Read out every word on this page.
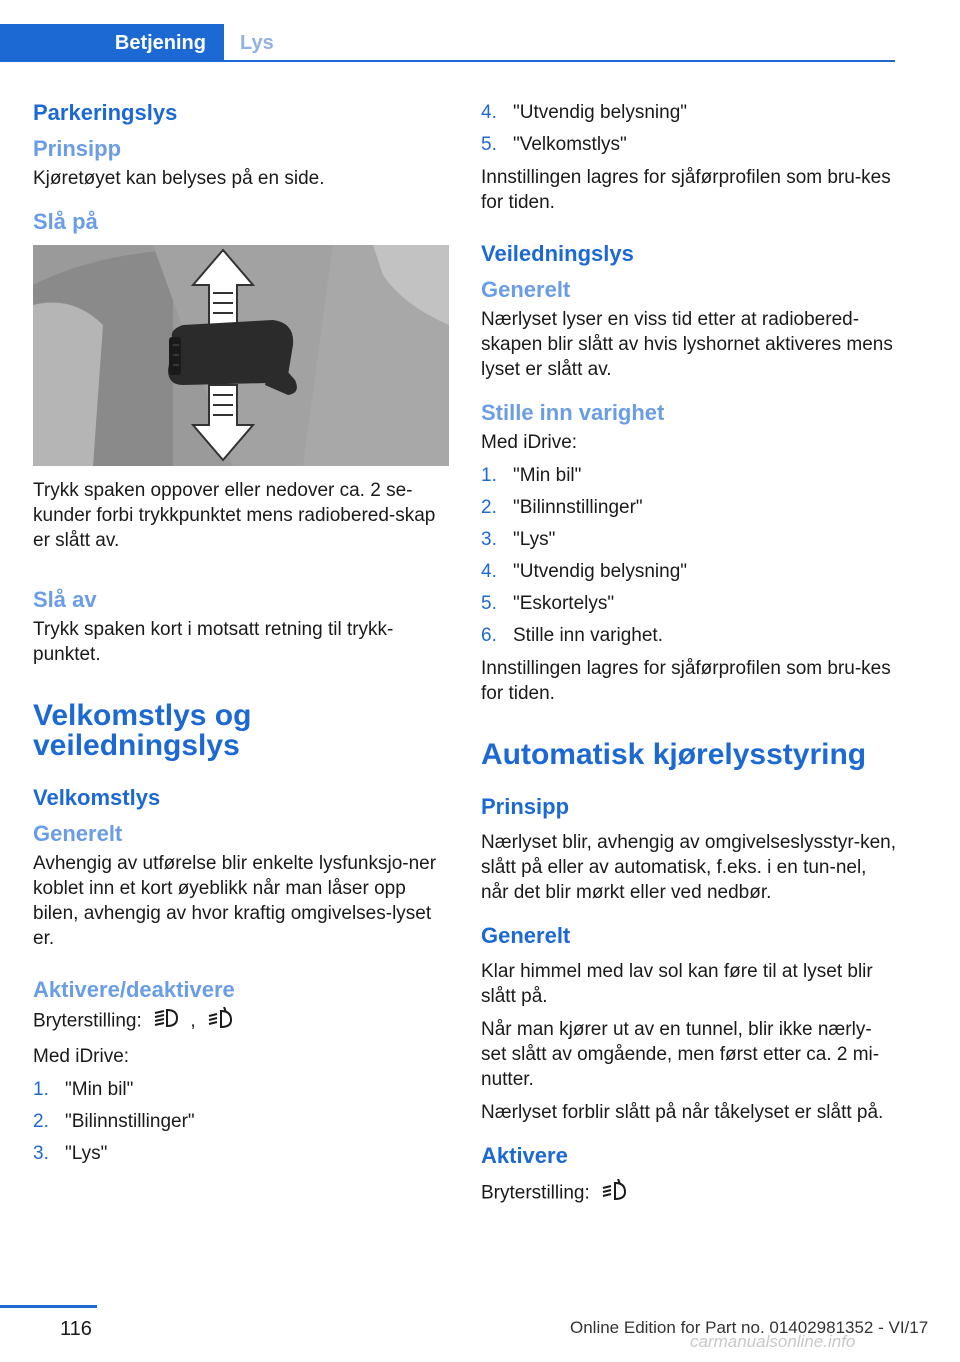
Betjening	Lys
Parkeringslys
Prinsipp

Kjøretøyet kan belyses på en side.

Slå på

Trykk spaken oppover eller nedover ca. 2 se-kunder forbi trykkpunktet mens radiobered-skap er slått av.

Slå av

Trykk spaken kort i motsatt retning til trykk-punktet.

Velkomstlys og veiledningslys
Velkomstlys
Generelt

Avhengig av utførelse blir enkelte lysfunksjo-ner koblet inn et kort øyeblikk når man låser opp bilen, avhengig av hvor kraftig omgivelses-lyset er.

Aktivere/deaktivere

Bryterstilling:	,

Med iDrive:

1. "Min bil"
2. "Bilinnstillinger"
3. "Lys"
4. "Utvendig belysning"
5. "Velkomstlys"

Innstillingen lagres for sjåførprofilen som bru-kes for tiden.

Veiledningslys
Generelt

Nærlyset lyser en viss tid etter at radiobered-skapen blir slått av hvis lyshornet aktiveres mens lyset er slått av.

Stille inn varighet

Med iDrive:

1. "Min bil"
2. "Bilinnstillinger"
3. "Lys"
4. "Utvendig belysning"
5. "Eskortelys"
6. Stille inn varighet.

Innstillingen lagres for sjåførprofilen som bru-kes for tiden.

Automatisk kjørelysstyring
Prinsipp

Nærlyset blir, avhengig av omgivelseslysstyr-ken, slått på eller av automatisk, f.eks. i en tun-nel, når det blir mørkt eller ved nedbør.

Generelt

Klar himmel med lav sol kan føre til at lyset blir slått på.

Når man kjører ut av en tunnel, blir ikke nærly-set slått av omgående, men først etter ca. 2 mi-nutter.

Nærlyset forblir slått på når tåkelyset er slått på.

Aktivere

Bryterstilling:

116	Online Edition for Part no. 01402981352 - VI/17
carmanualsonline.info
